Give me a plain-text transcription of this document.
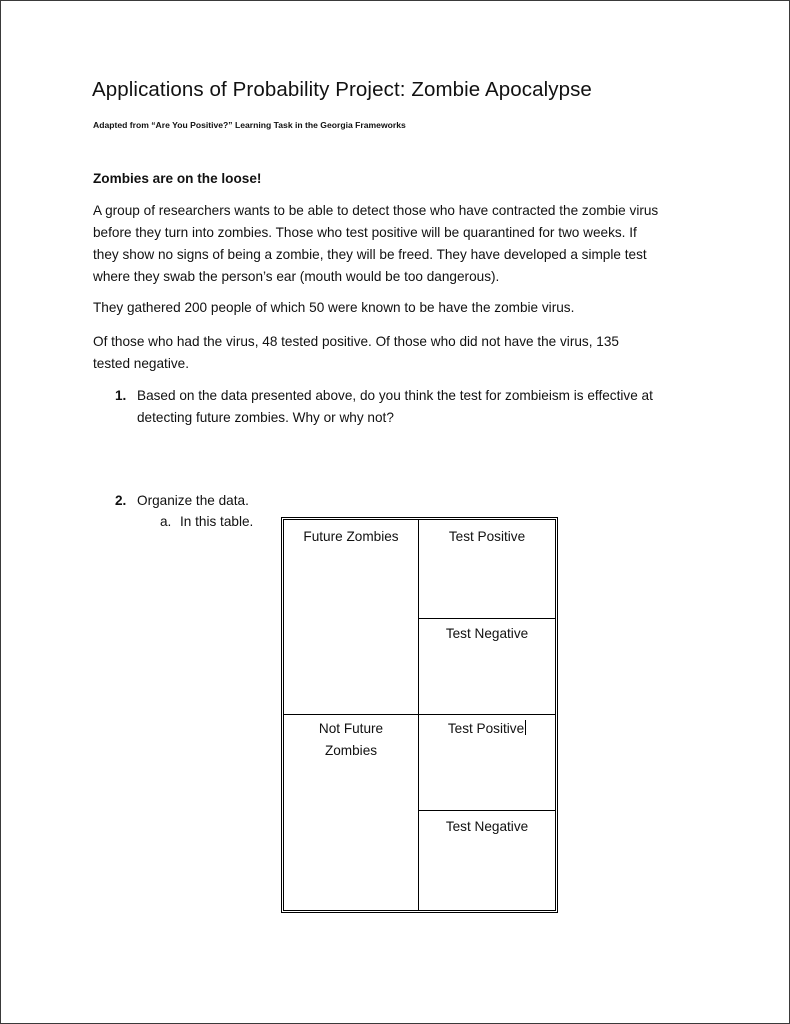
Applications of Probability Project: Zombie Apocalypse
Adapted from “Are You Positive?” Learning Task in the Georgia Frameworks
Zombies are on the loose!
A group of researchers wants to be able to detect those who have contracted the zombie virus
before they turn into zombies. Those who test positive will be quarantined for two weeks. If
they show no signs of being a zombie, they will be freed. They have developed a simple test
where they swab the person’s ear (mouth would be too dangerous).
They gathered 200 people of which 50 were known to be have the zombie virus.
Of those who had the virus, 48 tested positive. Of those who did not have the virus, 135
tested negative.
1. Based on the data presented above, do you think the test for zombieism is effective at
detecting future zombies. Why or why not?
2. Organize the data.
a. In this table.
Future Zombies	Test Positive
Test Negative
Not Future
Zombies
Test Positive
Test Negative
